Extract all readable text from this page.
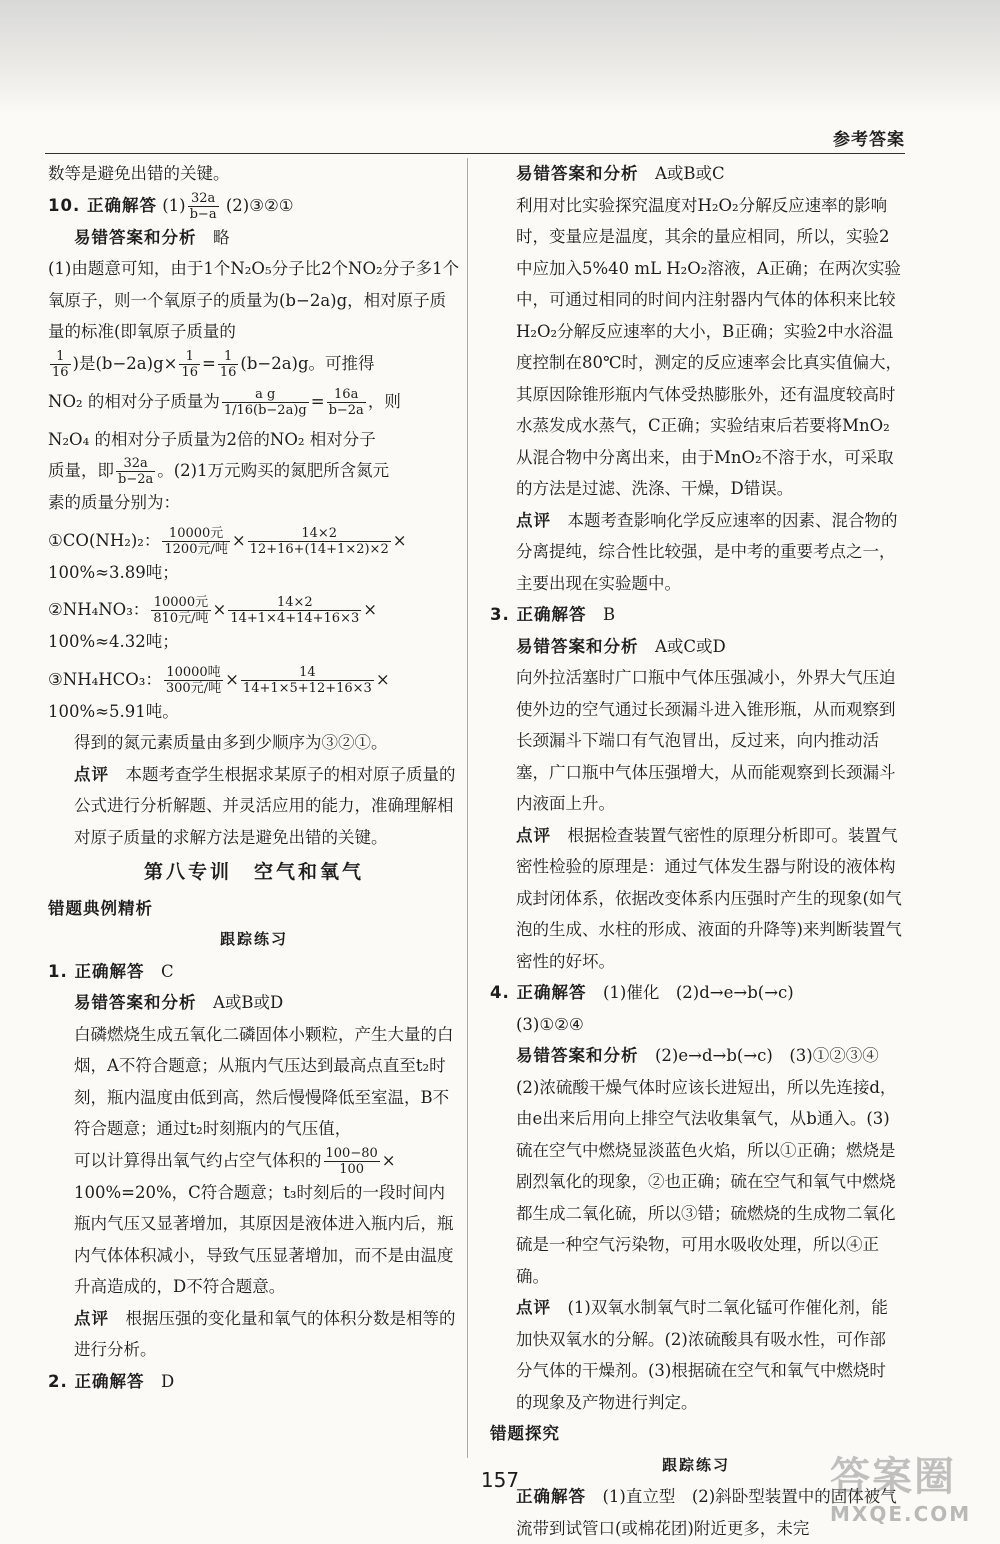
参考答案

数等是避免出错的关键。

10. 正确解答 $(1) \frac{32a}{b-a}$ (2)③②①

易错答案和分析　 略

(1)由题意可知，由于1个N₂O₅分子比2个NO₂分子多1个氧原子，则一个氧原子的质量为(b−2a)g，相对原子质量的标准(即氧原子质量的

$\frac{1}{16}$ )是$(b-2a)g\times \frac{1}{16} = \frac{1}{16} (b-2a)g$。可推得

NO₂ 的相对分子质量为 $\frac{\text{a g}}{1/16(b-2a)g} = \frac{16a}{b-2a}$ ，则

N₂O₄ 的相对分子质量为2倍的NO₂ 相对分子

质量，即 $\frac{32a}{b-2a}$ 。(2)1万元购买的氮肥所含氮元

素的质量分别为：

①CO(NH₂)₂： $\frac{\text{10000元}}{\text{1200元/吨}} \times \frac{14\times 2}{12+16+(14+1\times 2)\times 2}$ ×

100%≈3.89吨；

②NH₄NO₃： $\frac{\text{10000元}}{\text{810元/吨}} \times \frac{14\times 2}{14+1\times 4+14+16\times 3}$ ×

100%≈4.32吨；

③NH₄HCO₃： $\frac{\text{10000吨}}{\text{300元/吨}} \times \frac{14}{14+1\times 5+12+16\times 3}$ ×

100%≈5.91吨。

得到的氮元素质量由多到少顺序为③②①。

点评　 本题考查学生根据求某原子的相对原子质量的公式进行分析解题、并灵活应用的能力，准确理解相对原子质量的求解方法是避免出错的关键。

第八专训　空气和氧气

错题典例精析

跟踪练习

1. 正确解答　 C

易错答案和分析　 A或B或D

白磷燃烧生成五氧化二磷固体小颗粒，产生大量的白烟，A不符合题意；从瓶内气压达到最高点直至t₂时刻，瓶内温度由低到高，然后慢慢降低至室温，B不符合题意；通过t₂时刻瓶内的气压值，

可以计算得出氧气约占空气体积的 $\frac{100-80}{100}$ ×

100%=20%，C符合题意；t₃时刻后的一段时间内瓶内气压又显著增加，其原因是液体进入瓶内后，瓶内气体体积减小，导致气压显著增加，而不是由温度升高造成的，D不符合题意。

点评　 根据压强的变化量和氧气的体积分数是相等的进行分析。

2. 正确解答　 D

易错答案和分析　 A或B或C

利用对比实验探究温度对H₂O₂分解反应速率的影响时，变量应是温度，其余的量应相同，所以，实验2中应加入5%40 mL H₂O₂溶液，A正确；在两次实验中，可通过相同的时间内注射器内气体的体积来比较H₂O₂分解反应速率的大小，B正确；实验2中水浴温度控制在80℃时，测定的反应速率会比真实值偏大，其原因除锥形瓶内气体受热膨胀外，还有温度较高时水蒸发成水蒸气，C正确；实验结束后若要将MnO₂从混合物中分离出来，由于MnO₂不溶于水，可采取的方法是过滤、洗涤、干燥，D错误。

点评　 本题考查影响化学反应速率的因素、混合物的分离提纯，综合性比较强，是中考的重要考点之一，主要出现在实验题中。

3. 正确解答　 B

易错答案和分析　 A或C或D

向外拉活塞时广口瓶中气体压强减小，外界大气压迫使外边的空气通过长颈漏斗进入锥形瓶，从而观察到长颈漏斗下端口有气泡冒出，反过来，向内推动活塞，广口瓶中气体压强增大，从而能观察到长颈漏斗内液面上升。

点评　 根据检查装置气密性的原理分析即可。装置气密性检验的原理是：通过气体发生器与附设的液体构成封闭体系，依据改变体系内压强时产生的现象(如气泡的生成、水柱的形成、液面的升降等)来判断装置气密性的好坏。

4. 正确解答　 (1)催化　(2)d→e→b(→c)

(3)①②④

易错答案和分析　 (2)e→d→b(→c)　(3)①②③④

(2)浓硫酸干燥气体时应该长进短出，所以先连接d，由e出来后用向上排空气法收集氧气，从b通入。(3)硫在空气中燃烧显淡蓝色火焰，所以①正确；燃烧是剧烈氧化的现象，②也正确；硫在空气和氧气中燃烧都生成二氧化硫，所以③错；硫燃烧的生成物二氧化硫是一种空气污染物，可用水吸收处理，所以④正确。

点评　 (1)双氧水制氧气时二氧化锰可作催化剂，能加快双氧水的分解。(2)浓硫酸具有吸水性，可作部分气体的干燥剂。(3)根据硫在空气和氧气中燃烧时的现象及产物进行判定。

错题探究

跟踪练习

正确解答　 (1)直立型　(2)斜卧型装置中的固体被气流带到试管口(或棉花团)附近更多，未完

157	答案圈
MXQE.COM
